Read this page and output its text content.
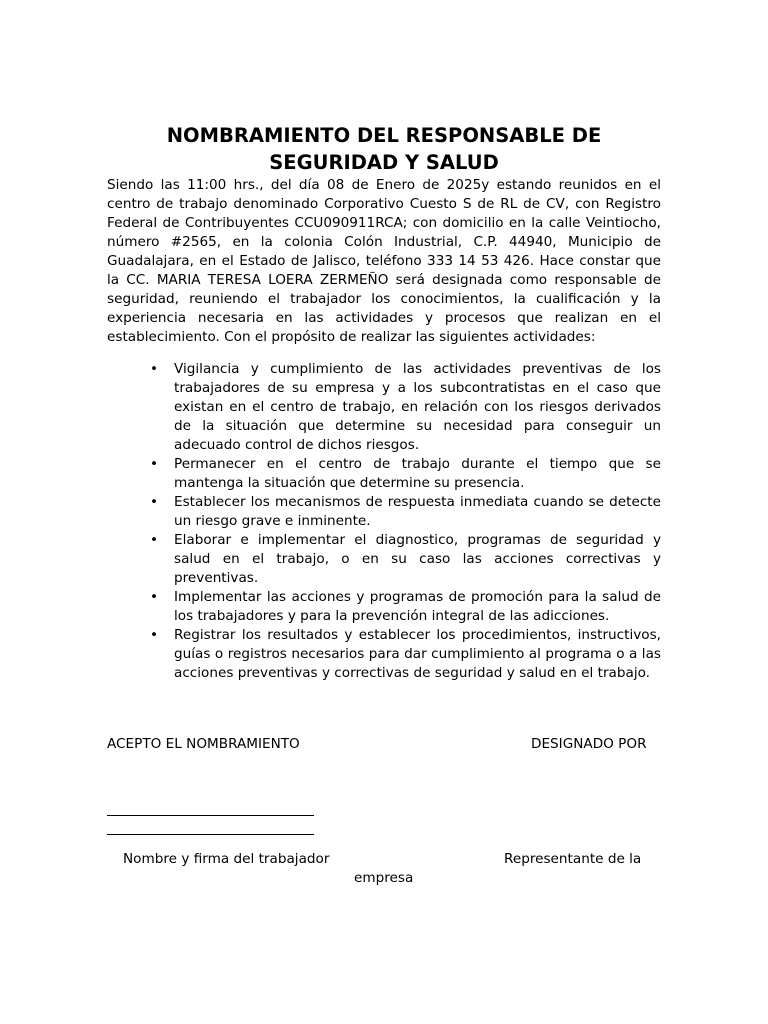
NOMBRAMIENTO DEL RESPONSABLE DE SEGURIDAD Y SALUD

Siendo las 11:00 hrs., del día 08 de Enero de 2025y estando reunidos en el centro de trabajo denominado Corporativo Cuesto S de RL de CV, con Registro Federal de Contribuyentes CCU090911RCA; con domicilio en la calle Veintiocho, número #2565, en la colonia Colón Industrial, C.P. 44940, Municipio de Guadalajara, en el Estado de Jalisco, teléfono 333 14 53 426. Hace constar que la CC. MARIA TERESA LOERA ZERMEÑO será designada como responsable de seguridad, reuniendo el trabajador los conocimientos, la cualificación y la experiencia necesaria en las actividades y procesos que realizan en el establecimiento. Con el propósito de realizar las siguientes actividades:

• Vigilancia y cumplimiento de las actividades preventivas de los trabajadores de su empresa y a los subcontratistas en el caso que existan en el centro de trabajo, en relación con los riesgos derivados de la situación que determine su necesidad para conseguir un adecuado control de dichos riesgos.
• Permanecer en el centro de trabajo durante el tiempo que se mantenga la situación que determine su presencia.
• Establecer los mecanismos de respuesta inmediata cuando se detecte un riesgo grave e inminente.
• Elaborar e implementar el diagnostico, programas de seguridad y salud en el trabajo, o en su caso las acciones correctivas y preventivas.
• Implementar las acciones y programas de promoción para la salud de los trabajadores y para la prevención integral de las adicciones.
• Registrar los resultados y establecer los procedimientos, instructivos, guías o registros necesarios para dar cumplimiento al programa o a las acciones preventivas y correctivas de seguridad y salud en el trabajo.
ACEPTO EL NOMBRAMIENTO	DESIGNADO POR
Nombre y firma del trabajador	Representante de la
empresa
